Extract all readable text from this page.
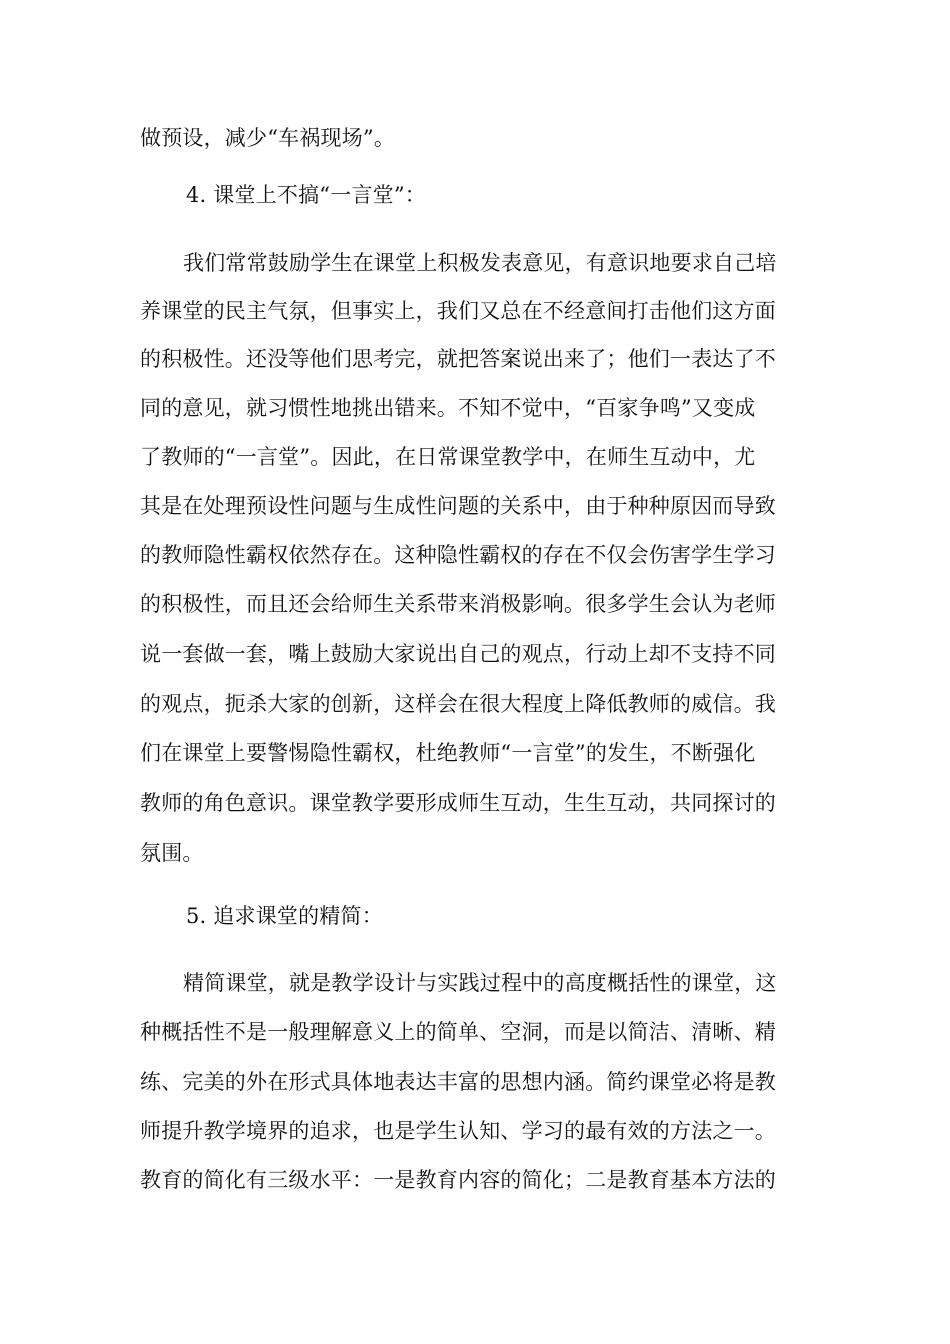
做预设，减少“车祸现场”。

4. 课堂上不搞“一言堂”：

我们常常鼓励学生在课堂上积极发表意见，有意识地要求自己培

养课堂的民主气氛，但事实上，我们又总在不经意间打击他们这方面

的积极性。还没等他们思考完，就把答案说出来了；他们一表达了不

同的意见，就习惯性地挑出错来。不知不觉中，“百家争鸣”又变成

了教师的“一言堂”。因此，在日常课堂教学中，在师生互动中，尤

其是在处理预设性问题与生成性问题的关系中，由于种种原因而导致

的教师隐性霸权依然存在。这种隐性霸权的存在不仅会伤害学生学习

的积极性，而且还会给师生关系带来消极影响。很多学生会认为老师

说一套做一套，嘴上鼓励大家说出自己的观点，行动上却不支持不同

的观点，扼杀大家的创新，这样会在很大程度上降低教师的威信。我

们在课堂上要警惕隐性霸权，杜绝教师“一言堂”的发生，不断强化

教师的角色意识。课堂教学要形成师生互动，生生互动，共同探讨的

氛围。

5. 追求课堂的精简：

精简课堂，就是教学设计与实践过程中的高度概括性的课堂，这

种概括性不是一般理解意义上的简单、空洞，而是以简洁、清晰、精

练、完美的外在形式具体地表达丰富的思想内涵。简约课堂必将是教

师提升教学境界的追求，也是学生认知、学习的最有效的方法之一。

教育的简化有三级水平：一是教育内容的简化；二是教育基本方法的
